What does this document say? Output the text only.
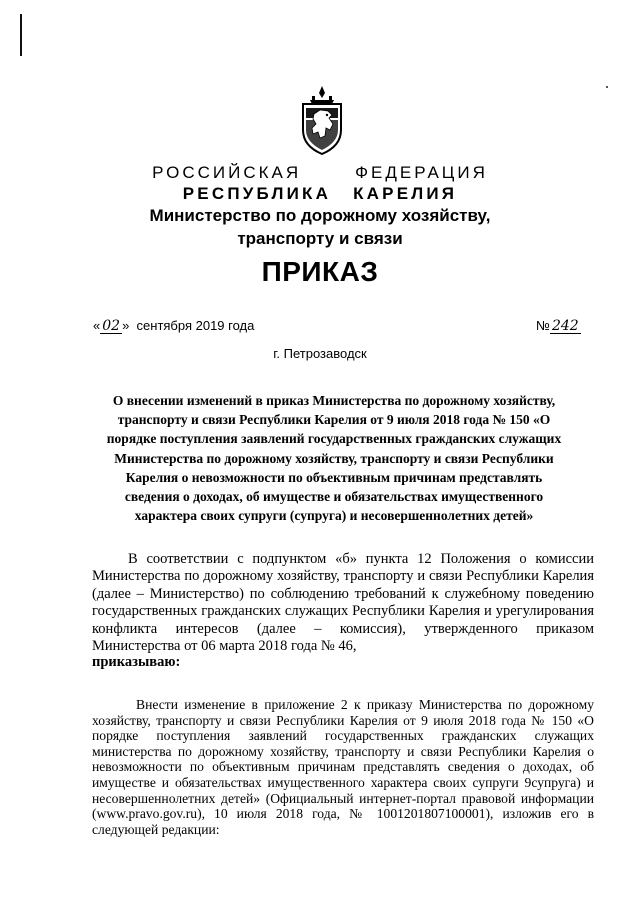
РОССИЙСКАЯ	ФЕДЕРАЦИЯ
РЕСПУБЛИКА КАРЕЛИЯ
Министерство по дорожному хозяйству,
транспорту и связи
ПРИКАЗ
« 02 » сентября 2019 года	№ 242
г. Петрозаводск
О внесении изменений в приказ Министерства по дорожному хозяйству, транспорту и связи Республики Карелия от 9 июля 2018 года № 150 «О порядке поступления заявлений государственных гражданских служащих Министерства по дорожному хозяйству, транспорту и связи Республики Карелия о невозможности по объективным причинам представлять сведения о доходах, об имуществе и обязательствах имущественного характера своих супруги (супруга) и несовершеннолетних детей»
В соответствии с подпунктом «б» пункта 12 Положения о комиссии Министерства по дорожному хозяйству, транспорту и связи Республики Карелия (далее – Министерство) по соблюдению требований к служебному поведению государственных гражданских служащих Республики Карелия и урегулирования конфликта интересов (далее – комиссия), утвержденного приказом Министерства от 06 марта 2018 года № 46,
приказываю:
Внести изменение в приложение 2 к приказу Министерства по дорожному хозяйству, транспорту и связи Республики Карелия от 9 июля 2018 года № 150 «О порядке поступления заявлений государственных гражданских служащих министерства по дорожному хозяйству, транспорту и связи Республики Карелия о невозможности по объективным причинам представлять сведения о доходах, об имуществе и обязательствах имущественного характера своих супруги 9супруга) и несовершеннолетних детей» (Официальный интернет-портал правовой информации (www.pravo.gov.ru), 10 июля 2018 года, № 1001201807100001), изложив его в следующей редакции:
